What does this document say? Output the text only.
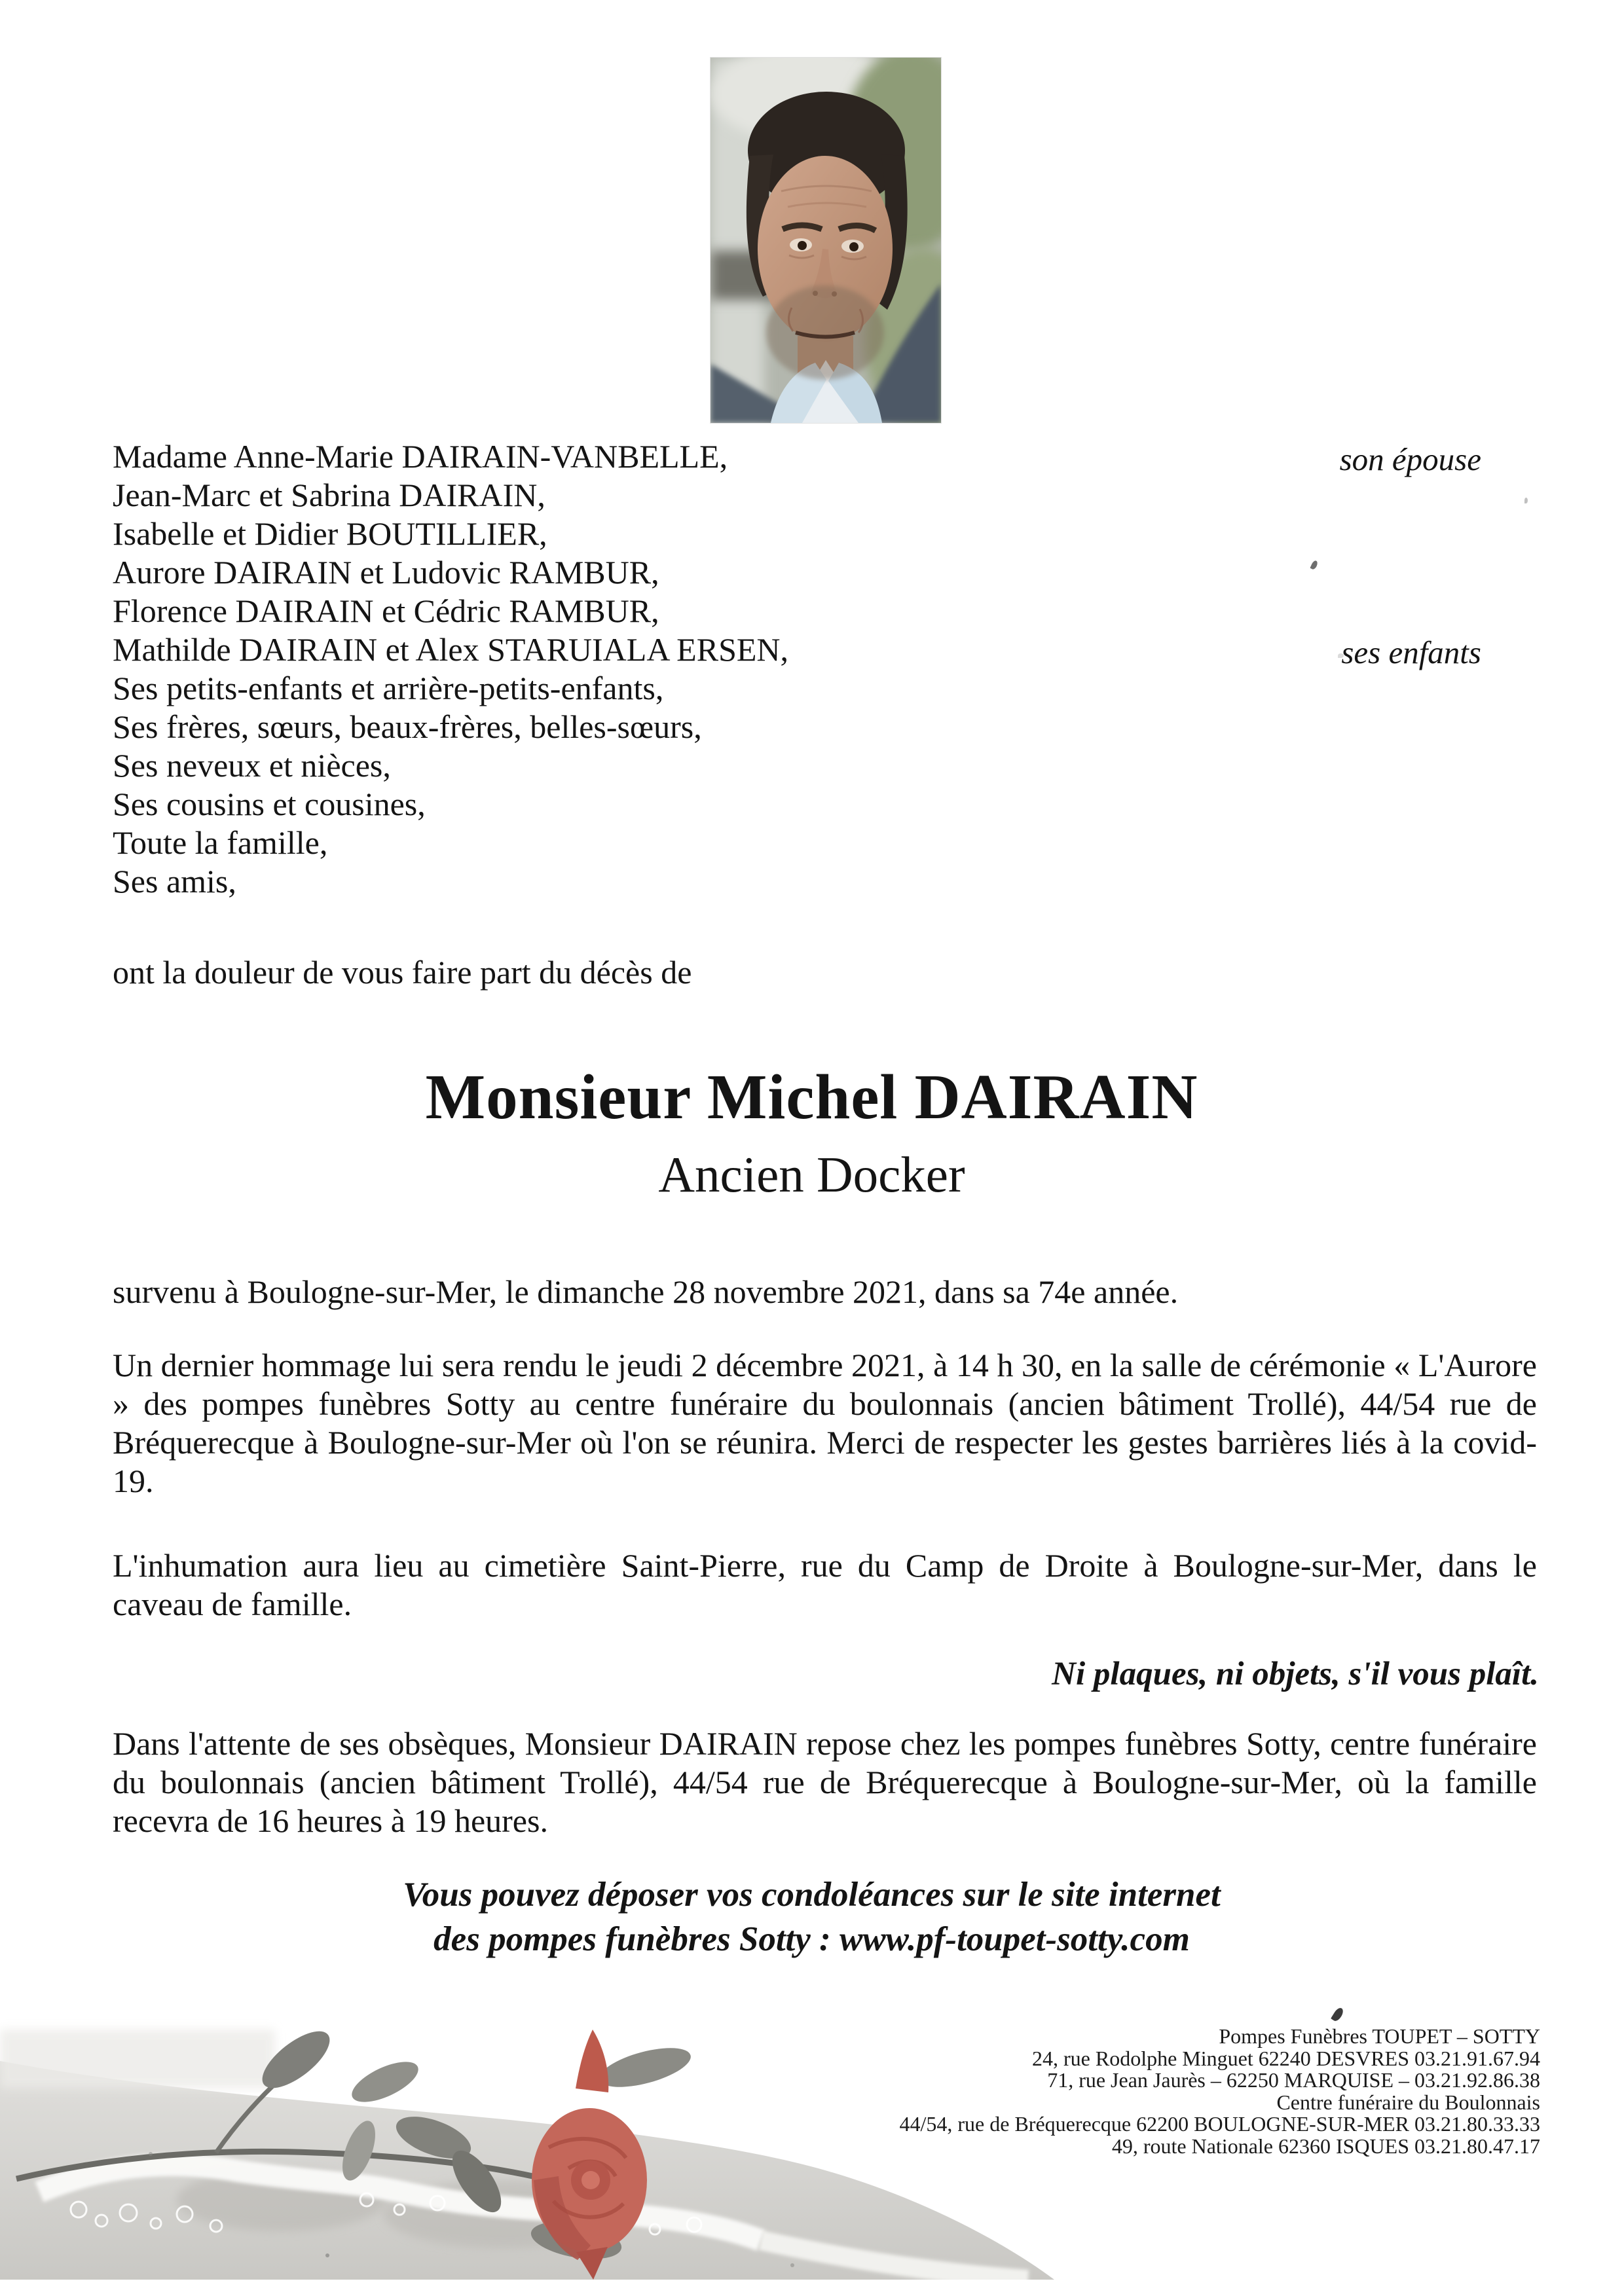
Madame Anne-Marie DAIRAIN-VANBELLE,
Jean-Marc et Sabrina DAIRAIN,
Isabelle et Didier BOUTILLIER,
Aurore DAIRAIN et Ludovic RAMBUR,
Florence DAIRAIN et Cédric RAMBUR,
Mathilde DAIRAIN et Alex STARUIALA ERSEN,
Ses petits-enfants et arrière-petits-enfants,
Ses frères, sœurs, beaux-frères, belles-sœurs,
Ses neveux et nièces,
Ses cousins et cousines,
Toute la famille,
Ses amis,
son épouse
ses enfants
ont la douleur de vous faire part du décès de
Monsieur Michel DAIRAIN
Ancien Docker
survenu à Boulogne-sur-Mer, le dimanche 28 novembre 2021, dans sa 74e année.
Un dernier hommage lui sera rendu le jeudi 2 décembre 2021, à 14 h 30, en la salle de cérémonie « L'Aurore » des pompes funèbres Sotty au centre funéraire du boulonnais (ancien bâtiment Trollé), 44/54 rue de Bréquerecque à Boulogne-sur-Mer où l'on se réunira. Merci de respecter les gestes barrières liés à la covid-19.
L'inhumation aura lieu au cimetière Saint-Pierre, rue du Camp de Droite à Boulogne-sur-Mer, dans le caveau de famille.
Ni plaques, ni objets, s'il vous plaît.
Dans l'attente de ses obsèques, Monsieur DAIRAIN repose chez les pompes funèbres Sotty, centre funéraire du boulonnais (ancien bâtiment Trollé), 44/54 rue de Bréquerecque à Boulogne-sur-Mer, où la famille recevra de 16 heures à 19 heures.
Vous pouvez déposer vos condoléances sur le site internet
des pompes funèbres Sotty : www.pf-toupet-sotty.com
Pompes Funèbres TOUPET – SOTTY
24, rue Rodolphe Minguet 62240 DESVRES 03.21.91.67.94
71, rue Jean Jaurès – 62250 MARQUISE – 03.21.92.86.38
Centre funéraire du Boulonnais
44/54, rue de Bréquerecque 62200 BOULOGNE-SUR-MER 03.21.80.33.33
49, route Nationale 62360 ISQUES 03.21.80.47.17
